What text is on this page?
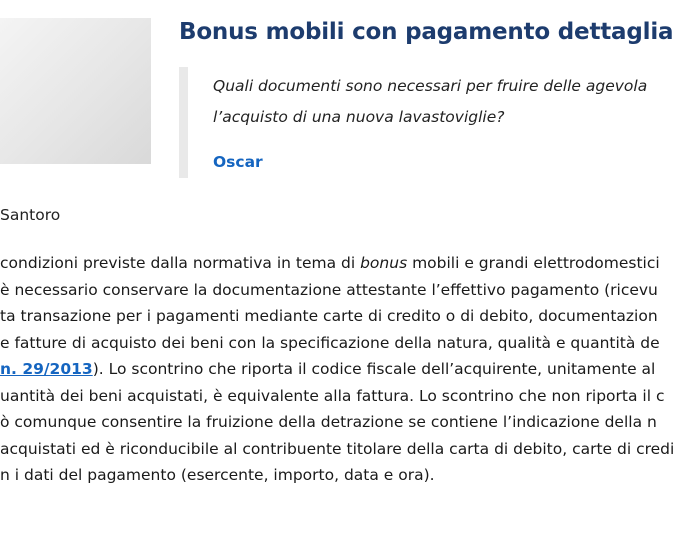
Bonus mobili con pagamento dettaglia
Quali documenti sono necessari per fruire delle agevola
l’acquisto di una nuova lavastoviglie?
Oscar
Santoro
condizioni previste dalla normativa in tema di bonus mobili e grandi elettrodomestici
è necessario conservare la documentazione attestante l’effettivo pagamento (ricevu
ta transazione per i pagamenti mediante carte di credito o di debito, documentazion
e fatture di acquisto dei beni con la specificazione della natura, qualità e quantità de
n. 29/2013). Lo scontrino che riporta il codice fiscale dell’acquirente, unitamente al
uantità dei beni acquistati, è equivalente alla fattura. Lo scontrino che non riporta il c
ò comunque consentire la fruizione della detrazione se contiene l’indicazione della n
acquistati ed è riconducibile al contribuente titolare della carta di debito, carte di credi
n i dati del pagamento (esercente, importo, data e ora).
